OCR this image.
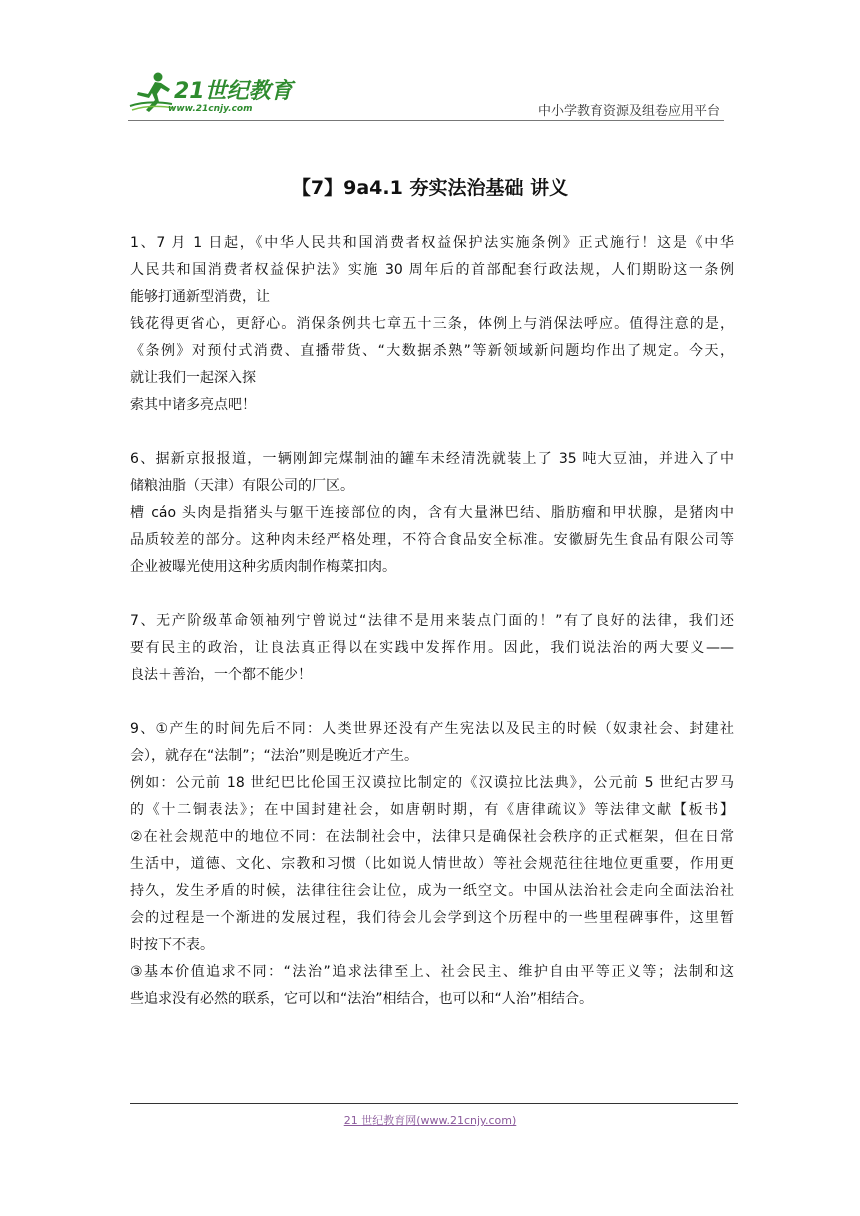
21世纪教育
www.21cnjy.com	中小学教育资源及组卷应用平台
【7】9a4.1 夯实法治基础 讲义
1、7 月 1 日起，《中华人民共和国消费者权益保护法实施条例》正式施行！这是《中华
人民共和国消费者权益保护法》实施 30 周年后的首部配套行政法规，人们期盼这一条例
能够打通新型消费，让
钱花得更省心，更舒心。消保条例共七章五十三条，体例上与消保法呼应。值得注意的是，
《条例》对预付式消费、直播带货、“大数据杀熟”等新领域新问题均作出了规定。今天，
就让我们一起深入探
索其中诸多亮点吧！
6、据新京报报道，一辆刚卸完煤制油的罐车未经清洗就装上了 35 吨大豆油，并进入了中
储粮油脂（天津）有限公司的厂区。
槽 cáo 头肉是指猪头与躯干连接部位的肉，含有大量淋巴结、脂肪瘤和甲状腺，是猪肉中
品质较差的部分。这种肉未经严格处理，不符合食品安全标准。安徽厨先生食品有限公司等
企业被曝光使用这种劣质肉制作梅菜扣肉。
7、无产阶级革命领袖列宁曾说过“法律不是用来装点门面的！”有了良好的法律，我们还
要有民主的政治，让良法真正得以在实践中发挥作用。因此，我们说法治的两大要义——
良法＋善治，一个都不能少！
9、①产生的时间先后不同：人类世界还没有产生宪法以及民主的时候（奴隶社会、封建社
会），就存在“法制”；“法治”则是晚近才产生。
例如：公元前 18 世纪巴比伦国王汉谟拉比制定的《汉谟拉比法典》，公元前 5 世纪古罗马
的《十二铜表法》；在中国封建社会，如唐朝时期，有《唐律疏议》等法律文献【板书】
②在社会规范中的地位不同：在法制社会中，法律只是确保社会秩序的正式框架，但在日常
生活中，道德、文化、宗教和习惯（比如说人情世故）等社会规范往往地位更重要，作用更
持久，发生矛盾的时候，法律往往会让位，成为一纸空文。中国从法治社会走向全面法治社
会的过程是一个渐进的发展过程，我们待会儿会学到这个历程中的一些里程碑事件，这里暂
时按下不表。
③基本价值追求不同：“法治”追求法律至上、社会民主、维护自由平等正义等；法制和这
些追求没有必然的联系，它可以和“法治”相结合，也可以和“人治”相结合。
21 世纪教育网(www.21cnjy.com)
